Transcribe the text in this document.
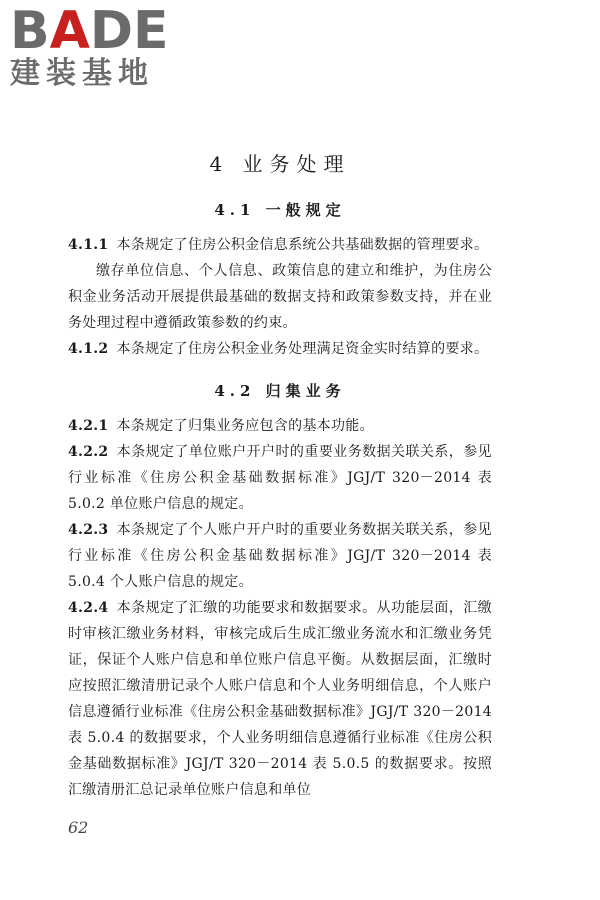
BADE
建装基地
4 业务处理
4.1 一般规定

4.1.1 本条规定了住房公积金信息系统公共基础数据的管理要求。

缴存单位信息、个人信息、政策信息的建立和维护，为住房公积金业务活动开展提供最基础的数据支持和政策参数支持，并在业务处理过程中遵循政策参数的约束。

4.1.2 本条规定了住房公积金业务处理满足资金实时结算的要求。

4.2 归集业务

4.2.1 本条规定了归集业务应包含的基本功能。

4.2.2 本条规定了单位账户开户时的重要业务数据关联关系，参见行业标准《住房公积金基础数据标准》JGJ/T 320－2014 表 5.0.2 单位账户信息的规定。

4.2.3 本条规定了个人账户开户时的重要业务数据关联关系，参见行业标准《住房公积金基础数据标准》JGJ/T 320－2014 表 5.0.4 个人账户信息的规定。

4.2.4 本条规定了汇缴的功能要求和数据要求。从功能层面，汇缴时审核汇缴业务材料，审核完成后生成汇缴业务流水和汇缴业务凭证，保证个人账户信息和单位账户信息平衡。从数据层面，汇缴时应按照汇缴清册记录个人账户信息和个人业务明细信息，个人账户信息遵循行业标准《住房公积金基础数据标准》JGJ/T 320－2014 表 5.0.4 的数据要求，个人业务明细信息遵循行业标准《住房公积金基础数据标准》JGJ/T 320－2014 表 5.0.5 的数据要求。按照汇缴清册汇总记录单位账户信息和单位

62
